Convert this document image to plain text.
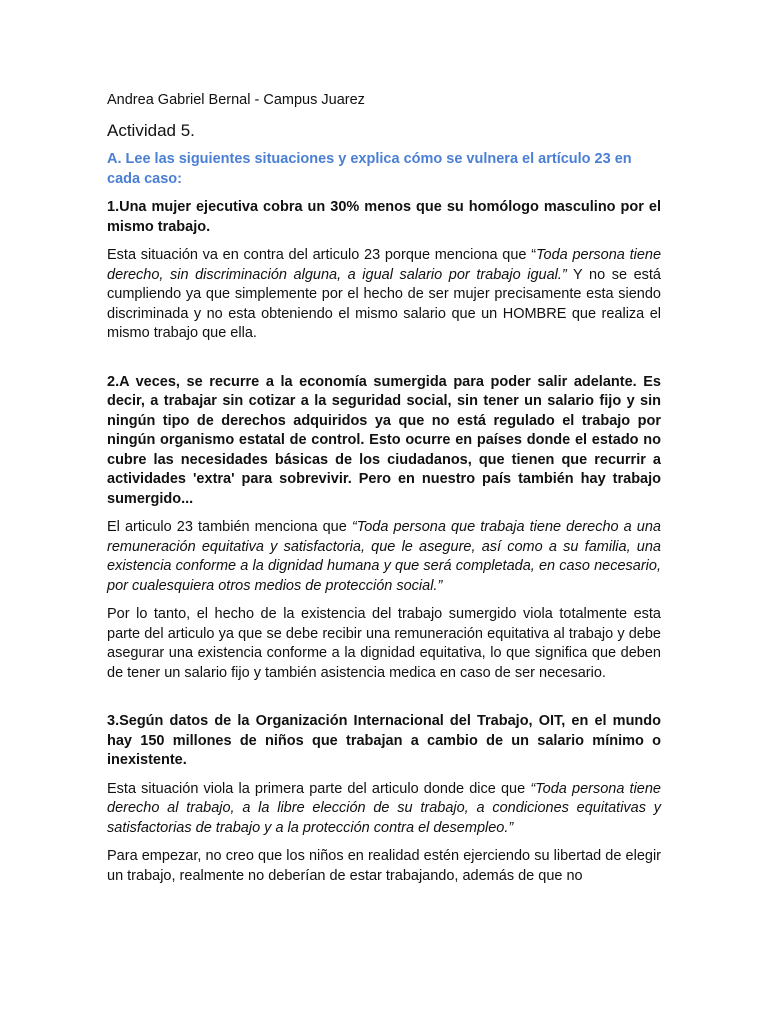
Andrea Gabriel Bernal - Campus Juarez

Actividad 5.

A. Lee las siguientes situaciones y explica cómo se vulnera el artículo 23 en cada caso:

1.Una mujer ejecutiva cobra un 30% menos que su homólogo masculino por el mismo trabajo.

Esta situación va en contra del articulo 23 porque menciona que “Toda persona tiene derecho, sin discriminación alguna, a igual salario por trabajo igual.” Y no se está cumpliendo ya que simplemente por el hecho de ser mujer precisamente esta siendo discriminada y no esta obteniendo el mismo salario que un HOMBRE que realiza el mismo trabajo que ella.

2.A veces, se recurre a la economía sumergida para poder salir adelante. Es decir, a trabajar sin cotizar a la seguridad social, sin tener un salario fijo y sin ningún tipo de derechos adquiridos ya que no está regulado el trabajo por ningún organismo estatal de control. Esto ocurre en países donde el estado no cubre las necesidades básicas de los ciudadanos, que tienen que recurrir a actividades 'extra' para sobrevivir. Pero en nuestro país también hay trabajo sumergido...

El articulo 23 también menciona que “Toda persona que trabaja tiene derecho a una remuneración equitativa y satisfactoria, que le asegure, así como a su familia, una existencia conforme a la dignidad humana y que será completada, en caso necesario, por cualesquiera otros medios de protección social.”

Por lo tanto, el hecho de la existencia del trabajo sumergido viola totalmente esta parte del articulo ya que se debe recibir una remuneración equitativa al trabajo y debe asegurar una existencia conforme a la dignidad equitativa, lo que significa que deben de tener un salario fijo y también asistencia medica en caso de ser necesario.

3.Según datos de la Organización Internacional del Trabajo, OIT, en el mundo hay 150 millones de niños que trabajan a cambio de un salario mínimo o inexistente.

Esta situación viola la primera parte del articulo donde dice que “Toda persona tiene derecho al trabajo, a la libre elección de su trabajo, a condiciones equitativas y satisfactorias de trabajo y a la protección contra el desempleo.”

Para empezar, no creo que los niños en realidad estén ejerciendo su libertad de elegir un trabajo, realmente no deberían de estar trabajando, además de que no
